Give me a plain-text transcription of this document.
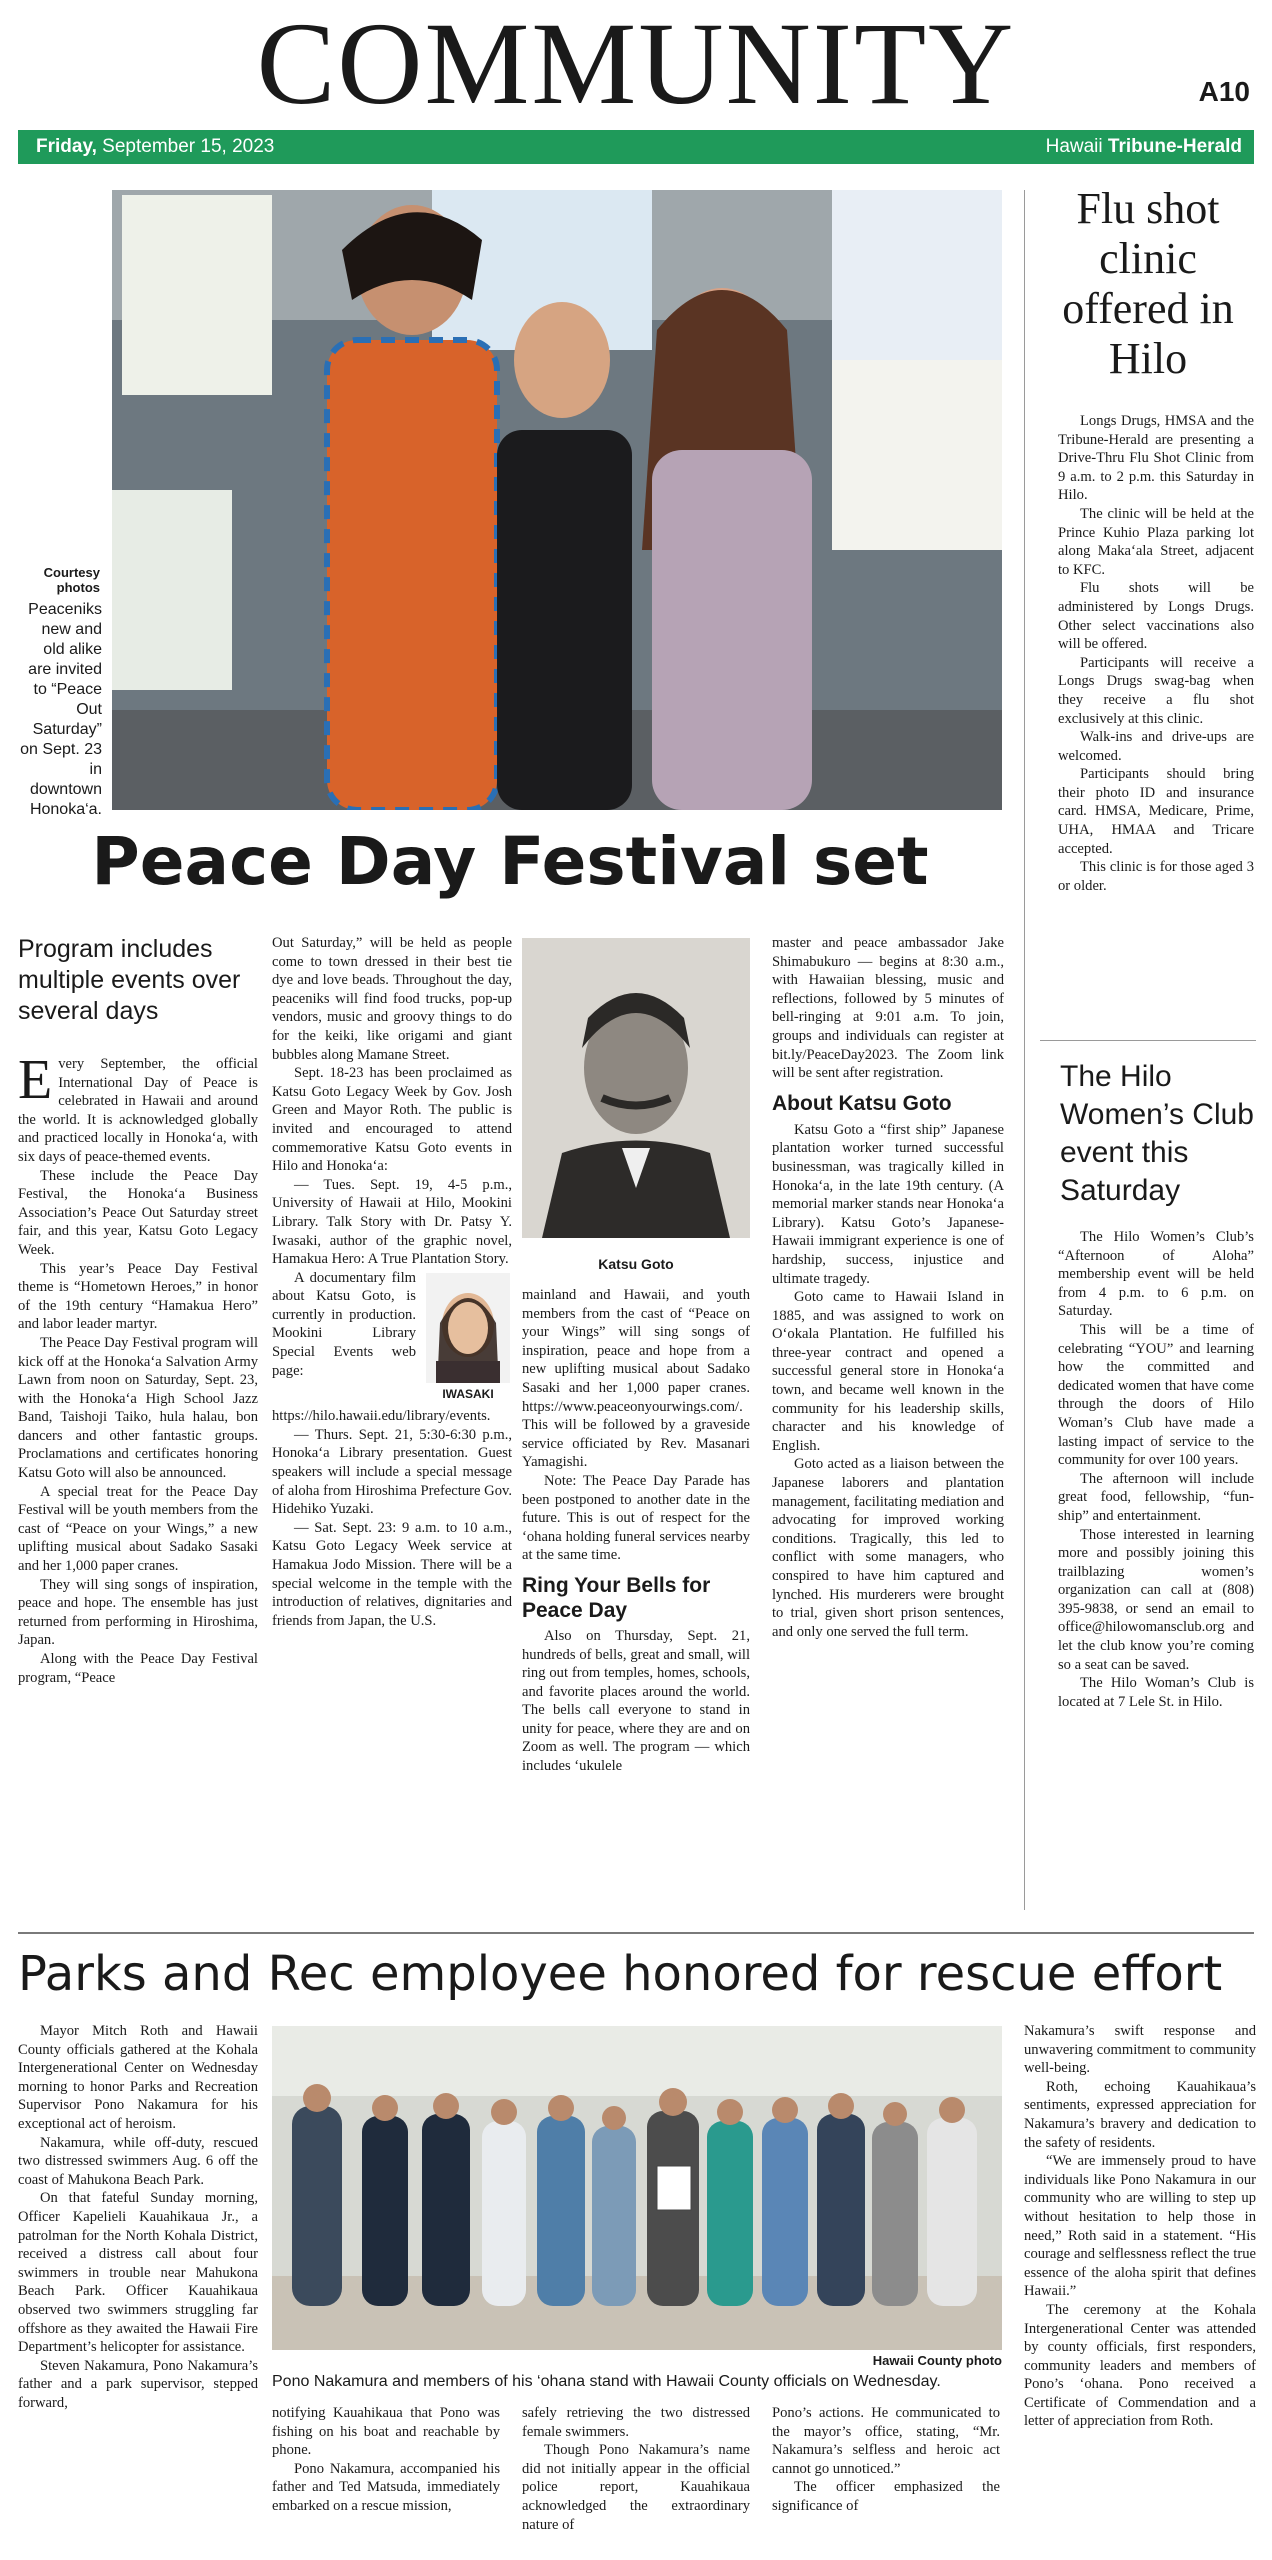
COMMUNITY	A10
Friday, September 15, 2023	Hawaii Tribune-Herald
Courtesy photos
Peaceniks new and old alike are invited to “Peace Out Saturday” on Sept. 23 in downtown Honoka‘a.
Peace Day Festival set
Program includes multiple events over several days

Every September, the official International Day of Peace is celebrated in Hawaii and around the world. It is acknowledged globally and practiced locally in Honoka‘a, with six days of peace-themed events.

These include the Peace Day Festival, the Honoka‘a Business Association’s Peace Out Saturday street fair, and this year, Katsu Goto Legacy Week.

This year’s Peace Day Festival theme is “Hometown Heroes,” in honor of the 19th century “Hamakua Hero” and labor leader martyr.

The Peace Day Festival program will kick off at the Honoka‘a Salvation Army Lawn from noon on Saturday, Sept. 23, with the Honoka‘a High School Jazz Band, Taishoji Taiko, hula halau, bon dancers and other fantastic groups. Proclamations and certificates honoring Katsu Goto will also be announced.

A special treat for the Peace Day Festival will be youth members from the cast of “Peace on your Wings,” a new uplifting musical about Sadako Sasaki and her 1,000 paper cranes.

They will sing songs of inspiration, peace and hope. The ensemble has just returned from performing in Hiroshima, Japan.

Along with the Peace Day Festival program, “Peace

Out Saturday,” will be held as people come to town dressed in their best tie dye and love beads. Throughout the day, peaceniks will find food trucks, pop-up vendors, music and groovy things to do for the keiki, like origami and giant bubbles along Mamane Street.

Sept. 18-23 has been proclaimed as Katsu Goto Legacy Week by Gov. Josh Green and Mayor Roth. The public is invited and encouraged to attend commemorative Katsu Goto events in Hilo and Honoka‘a:

— Tues. Sept. 19, 4-5 p.m., University of Hawaii at Hilo, Mookini Library. Talk Story with Dr. Patsy Y. Iwasaki, author of the graphic novel, Hamakua Hero: A True Plantation Story.

IWASAKI

A documentary film about Katsu Goto, is currently in production. Mookini Library Special Events web page: https://hilo.hawaii.edu/library/events.

— Thurs. Sept. 21, 5:30-6:30 p.m., Honoka‘a Library presentation. Guest speakers will include a special message of aloha from Hiroshima Prefecture Gov. Hidehiko Yuzaki.

— Sat. Sept. 23: 9 a.m. to 10 a.m., Katsu Goto Legacy Week service at Hamakua Jodo Mission. There will be a special welcome in the temple with the introduction of relatives, dignitaries and friends from Japan, the U.S.

Katsu Goto

mainland and Hawaii, and youth members from the cast of “Peace on your Wings” will sing songs of inspiration, peace and hope from a new uplifting musical about Sadako Sasaki and her 1,000 paper cranes. https://www.peaceonyourwings.com/. This will be followed by a graveside service officiated by Rev. Masanari Yamagishi.

Note: The Peace Day Parade has been postponed to another date in the future. This is out of respect for the ‘ohana holding funeral services nearby at the same time.

Ring Your Bells for Peace Day

Also on Thursday, Sept. 21, hundreds of bells, great and small, will ring out from temples, homes, schools, and favorite places around the world. The bells call everyone to stand in unity for peace, where they are and on Zoom as well. The program — which includes ‘ukulele

master and peace ambassador Jake Shimabukuro — begins at 8:30 a.m., with Hawaiian blessing, music and reflections, followed by 5 minutes of bell-ringing at 9:01 a.m. To join, groups and individuals can register at bit.ly/PeaceDay2023. The Zoom link will be sent after registration.

About Katsu Goto

Katsu Goto a “first ship” Japanese plantation worker turned successful businessman, was tragically killed in Honoka‘a, in the late 19th century. (A memorial marker stands near Honoka‘a Library). Katsu Goto’s Japanese-Hawaii immigrant experience is one of hardship, success, injustice and ultimate tragedy.

Goto came to Hawaii Island in 1885, and was assigned to work on O‘okala Plantation. He fulfilled his three-year contract and opened a successful general store in Honoka‘a town, and became well known in the community for his leadership skills, character and his knowledge of English.

Goto acted as a liaison between the Japanese laborers and plantation management, facilitating mediation and advocating for improved working conditions. Tragically, this led to conflict with some managers, who conspired to have him captured and lynched. His murderers were brought to trial, given short prison sentences, and only one served the full term.

Flu shot clinic offered in Hilo

Longs Drugs, HMSA and the Tribune-Herald are presenting a Drive-Thru Flu Shot Clinic from 9 a.m. to 2 p.m. this Saturday in Hilo.

The clinic will be held at the Prince Kuhio Plaza parking lot along Maka‘ala Street, adjacent to KFC.

Flu shots will be administered by Longs Drugs. Other select vaccinations also will be offered.

Participants will receive a Longs Drugs swag-bag when they receive a flu shot exclusively at this clinic.

Walk-ins and drive-ups are welcomed.

Participants should bring their photo ID and insurance card. HMSA, Medicare, Prime, UHA, HMAA and Tricare accepted.

This clinic is for those aged 3 or older.

The Hilo Women’s Club event this Saturday

The Hilo Women’s Club’s “Afternoon of Aloha” membership event will be held from 4 p.m. to 6 p.m. on Saturday.

This will be a time of celebrating “YOU” and learning how the committed and dedicated women that have come through the doors of Hilo Woman’s Club have made a lasting impact of service to the community for over 100 years.

The afternoon will include great food, fellowship, “fun-ship” and entertainment.

Those interested in learning more and possibly joining this trailblazing women’s organization can call at (808) 395-9838, or send an email to office@hilowomansclub.org and let the club know you’re coming so a seat can be saved.

The Hilo Woman’s Club is located at 7 Lele St. in Hilo.

Parks and Rec employee honored for rescue effort

Mayor Mitch Roth and Hawaii County officials gathered at the Kohala Intergenerational Center on Wednesday morning to honor Parks and Recreation Supervisor Pono Nakamura for his exceptional act of heroism.

Nakamura, while off-duty, rescued two distressed swimmers Aug. 6 off the coast of Mahukona Beach Park.

On that fateful Sunday morning, Officer Kapelieli Kauahikaua Jr., a patrolman for the North Kohala District, received a distress call about four swimmers in trouble near Mahukona Beach Park. Officer Kauahikaua observed two swimmers struggling far offshore as they awaited the Hawaii Fire Department’s helicopter for assistance.

Steven Nakamura, Pono Nakamura’s father and a park supervisor, stepped forward,

Hawaii County photo
Pono Nakamura and members of his ‘ohana stand with Hawaii County officials on Wednesday.

notifying Kauahikaua that Pono was fishing on his boat and reachable by phone.

Pono Nakamura, accompanied his father and Ted Matsuda, immediately embarked on a rescue mission,

safely retrieving the two distressed female swimmers.

Though Pono Nakamura’s name did not initially appear in the official police report, Kauahikaua acknowledged the extraordinary nature of

Pono’s actions. He communicated to the mayor’s office, stating, “Mr. Nakamura’s selfless and heroic act cannot go unnoticed.”

The officer emphasized the significance of

Nakamura’s swift response and unwavering commitment to community well-being.

Roth, echoing Kauahikaua’s sentiments, expressed appreciation for Nakamura’s bravery and dedication to the safety of residents.

“We are immensely proud to have individuals like Pono Nakamura in our community who are willing to step up without hesitation to help those in need,” Roth said in a statement. “His courage and selflessness reflect the true essence of the aloha spirit that defines Hawaii.”

The ceremony at the Kohala Intergenerational Center was attended by county officials, first responders, community leaders and members of Pono’s ‘ohana. Pono received a Certificate of Commendation and a letter of appreciation from Roth.
